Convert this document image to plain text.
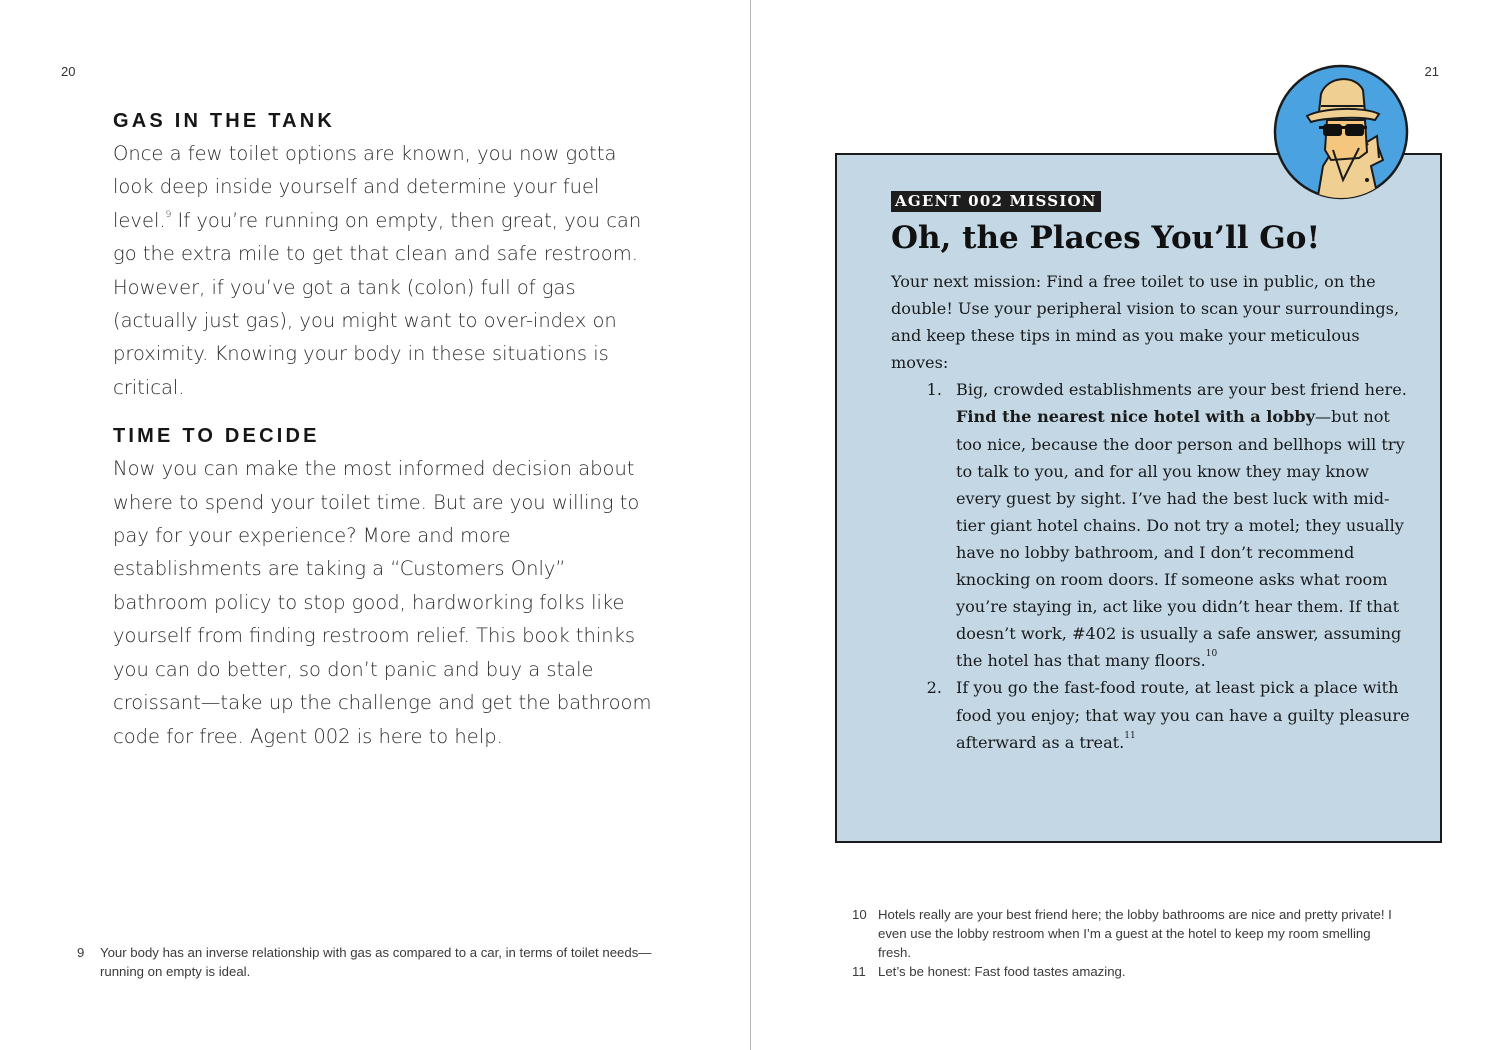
20
GAS IN THE TANK

Once a few toilet options are known, you now gotta look deep inside yourself and determine your fuel level.$^9$ If you’re running on empty, then great, you can go the extra mile to get that clean and safe restroom. However, if you’ve got a tank (colon) full of gas (actually just gas), you might want to over-index on proximity. Knowing your body in these situations is critical.

TIME TO DECIDE

Now you can make the most informed decision about where to spend your toilet time. But are you willing to pay for your experience? More and more establishments are taking a “Customers Only” bathroom policy to stop good, hardworking folks like yourself from finding restroom relief. This book thinks you can do better, so don’t panic and buy a stale croissant—take up the challenge and get the bathroom code for free. Agent 002 is here to help.

9	Your body has an inverse relationship with gas as compared to a car, in terms of toilet needs—running on empty is ideal.
21
AGENT 002 MISSION
Oh, the Places You’ll Go!

Your next mission: Find a free toilet to use in public, on the double! Use your peripheral vision to scan your surroundings, and keep these tips in mind as you make your meticulous moves:

1. Big, crowded establishments are your best friend here. Find the nearest nice hotel with a lobby—but not too nice, because the door person and bellhops will try to talk to you, and for all you know they may know every guest by sight. I’ve had the best luck with mid-tier giant hotel chains. Do not try a motel; they usually have no lobby bathroom, and I don’t recommend knocking on room doors. If someone asks what room you’re staying in, act like you didn’t hear them. If that doesn’t work, #402 is usually a safe answer, assuming the hotel has that many floors.$^{10}$
2. If you go the fast-food route, at least pick a place with food you enjoy; that way you can have a guilty pleasure afterward as a treat.$^{11}$
10 Hotels really are your best friend here; the lobby bathrooms are nice and pretty private! I even use the lobby restroom when I’m a guest at the hotel to keep my room smelling fresh.
11 Let’s be honest: Fast food tastes amazing.
